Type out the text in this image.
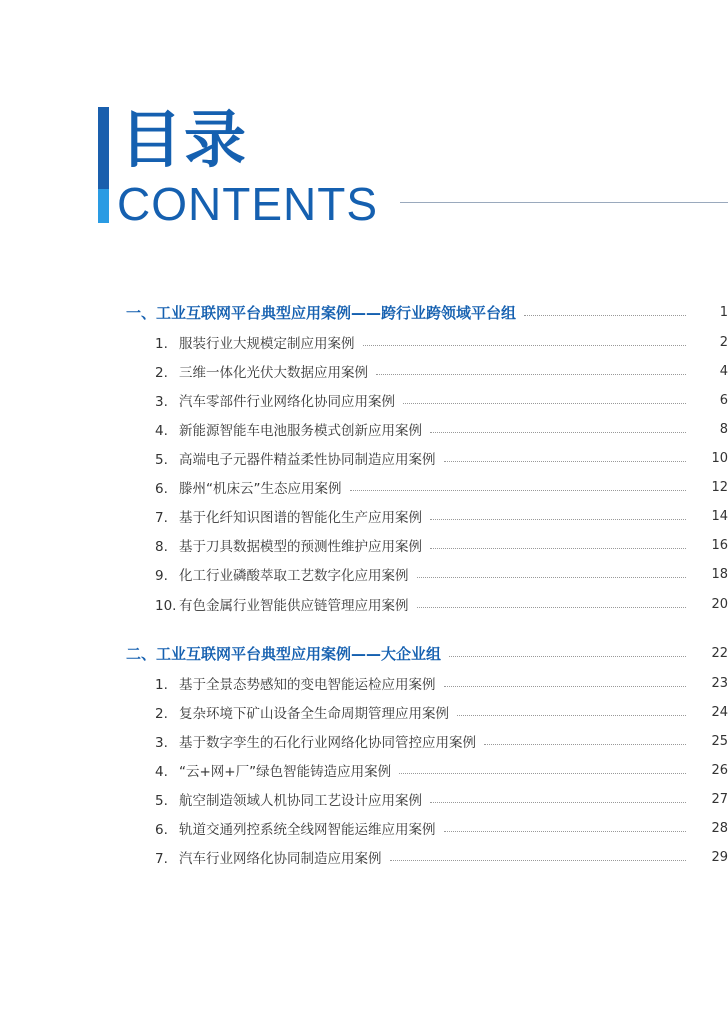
目录
CONTENTS
一、工业互联网平台典型应用案例——跨行业跨领域平台组	1
1. 服装行业大规模定制应用案例	2
2. 三维一体化光伏大数据应用案例	4
3. 汽车零部件行业网络化协同应用案例	6
4. 新能源智能车电池服务模式创新应用案例	8
5. 高端电子元器件精益柔性协同制造应用案例	10
6. 滕州“机床云”生态应用案例	12
7. 基于化纤知识图谱的智能化生产应用案例	14
8. 基于刀具数据模型的预测性维护应用案例	16
9. 化工行业磷酸萃取工艺数字化应用案例	18
10. 有色金属行业智能供应链管理应用案例	20
二、工业互联网平台典型应用案例——大企业组	22
1. 基于全景态势感知的变电智能运检应用案例	23
2. 复杂环境下矿山设备全生命周期管理应用案例	24
3. 基于数字孪生的石化行业网络化协同管控应用案例	25
4. “云+网+厂”绿色智能铸造应用案例	26
5. 航空制造领域人机协同工艺设计应用案例	27
6. 轨道交通列控系统全线网智能运维应用案例	28
7. 汽车行业网络化协同制造应用案例	29
